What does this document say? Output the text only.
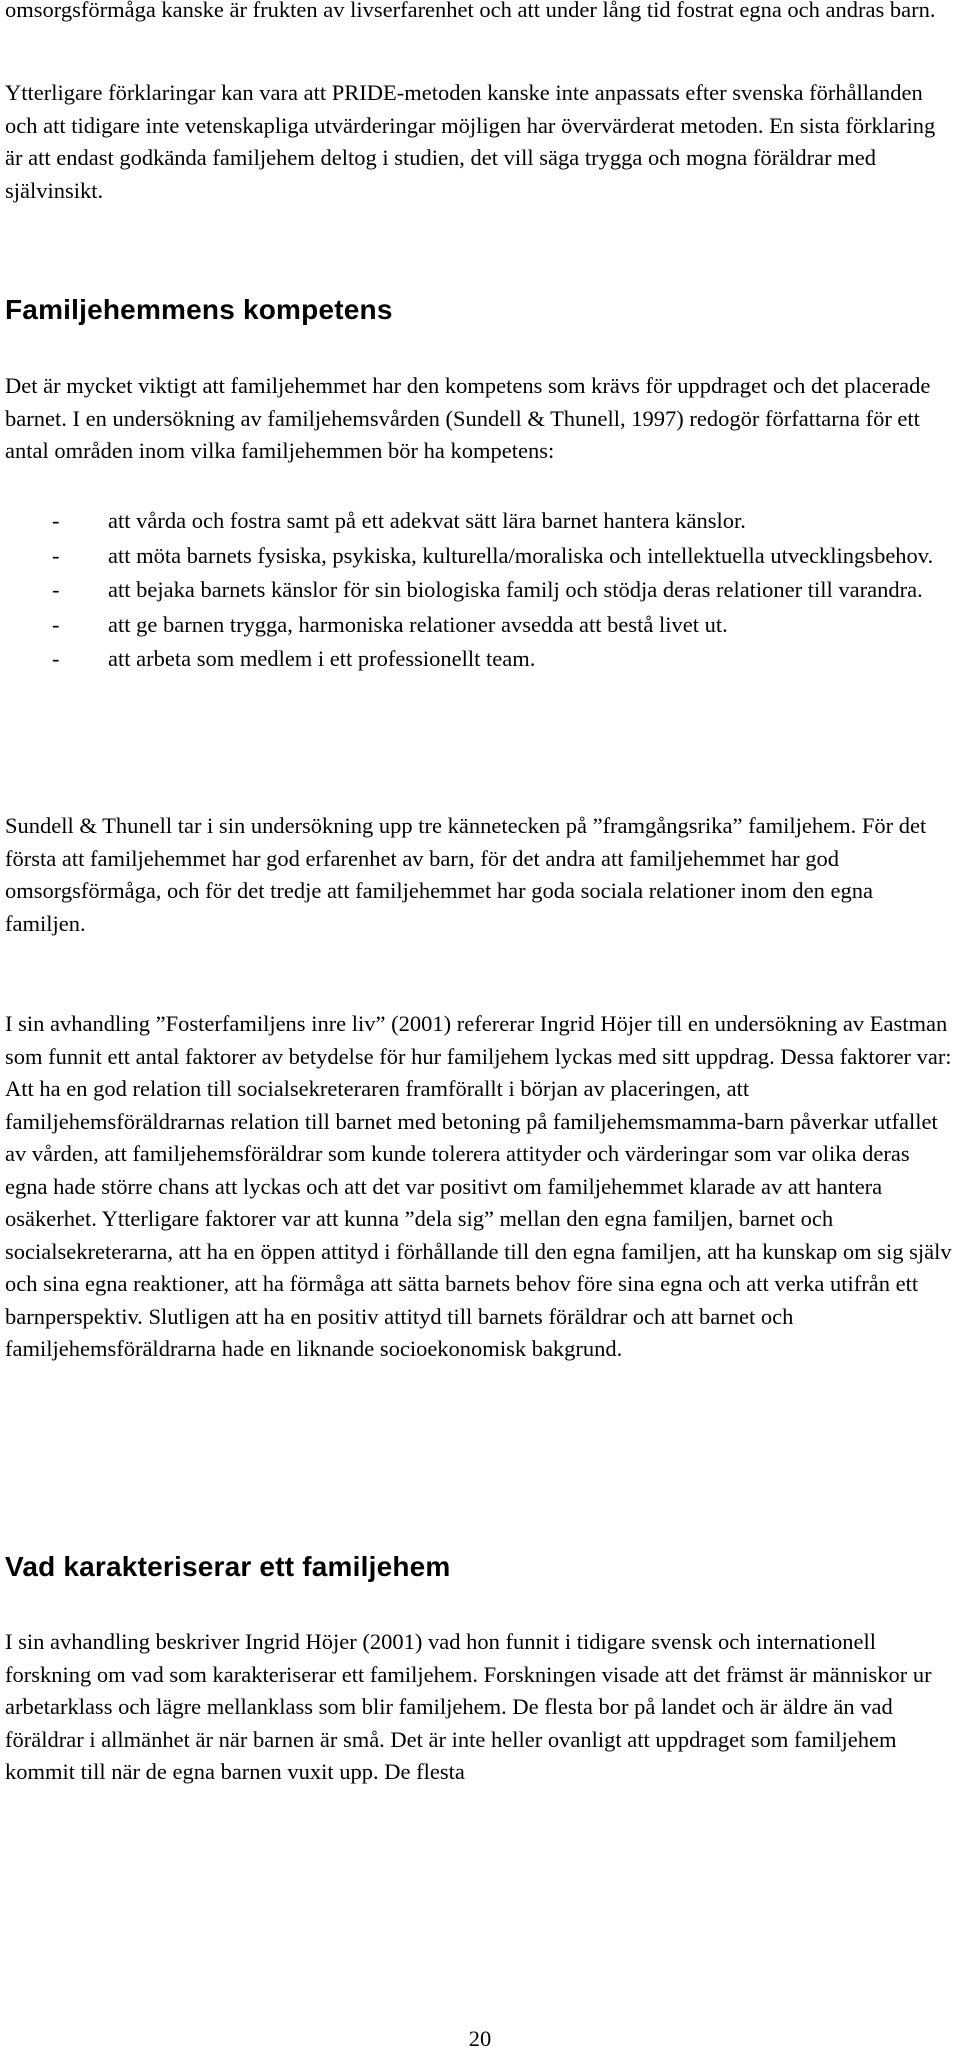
omsorgsförmåga kanske är frukten av livserfarenhet och att under lång tid fostrat egna och andras barn.

Ytterligare förklaringar kan vara att PRIDE-metoden kanske inte anpassats efter svenska förhållanden och att tidigare inte vetenskapliga utvärderingar möjligen har övervärderat metoden. En sista förklaring är att endast godkända familjehem deltog i studien, det vill säga trygga och mogna föräldrar med självinsikt.

Familjehemmens kompetens

Det är mycket viktigt att familjehemmet har den kompetens som krävs för uppdraget och det placerade barnet. I en undersökning av familjehemsvården (Sundell & Thunell, 1997) redogör författarna för ett antal områden inom vilka familjehemmen bör ha kompetens:

- att vårda och fostra samt på ett adekvat sätt lära barnet hantera känslor.
- att möta barnets fysiska, psykiska, kulturella/moraliska och intellektuella utvecklingsbehov.
- att bejaka barnets känslor för sin biologiska familj och stödja deras relationer till varandra.
- att ge barnen trygga, harmoniska relationer avsedda att bestå livet ut.
- att arbeta som medlem i ett professionellt team.

Sundell & Thunell tar i sin undersökning upp tre kännetecken på ”framgångsrika” familjehem. För det första att familjehemmet har god erfarenhet av barn, för det andra att familjehemmet har god omsorgsförmåga, och för det tredje att familjehemmet har goda sociala relationer inom den egna familjen.

I sin avhandling ”Fosterfamiljens inre liv” (2001) refererar Ingrid Höjer till en undersökning av Eastman som funnit ett antal faktorer av betydelse för hur familjehem lyckas med sitt uppdrag. Dessa faktorer var: Att ha en god relation till socialsekreteraren framförallt i början av placeringen, att familjehemsföräldrarnas relation till barnet med betoning på familjehemsmamma-barn påverkar utfallet av vården, att familjehemsföräldrar som kunde tolerera attityder och värderingar som var olika deras egna hade större chans att lyckas och att det var positivt om familjehemmet klarade av att hantera osäkerhet. Ytterligare faktorer var att kunna ”dela sig” mellan den egna familjen, barnet och socialsekreterarna, att ha en öppen attityd i förhållande till den egna familjen, att ha kunskap om sig själv och sina egna reaktioner, att ha förmåga att sätta barnets behov före sina egna och att verka utifrån ett barnperspektiv. Slutligen att ha en positiv attityd till barnets föräldrar och att barnet och familjehemsföräldrarna hade en liknande socioekonomisk bakgrund.

Vad karakteriserar ett familjehem

I sin avhandling beskriver Ingrid Höjer (2001) vad hon funnit i tidigare svensk och internationell forskning om vad som karakteriserar ett familjehem. Forskningen visade att det främst är människor ur arbetarklass och lägre mellanklass som blir familjehem. De flesta bor på landet och är äldre än vad föräldrar i allmänhet är när barnen är små. Det är inte heller ovanligt att uppdraget som familjehem kommit till när de egna barnen vuxit upp. De flesta

20
